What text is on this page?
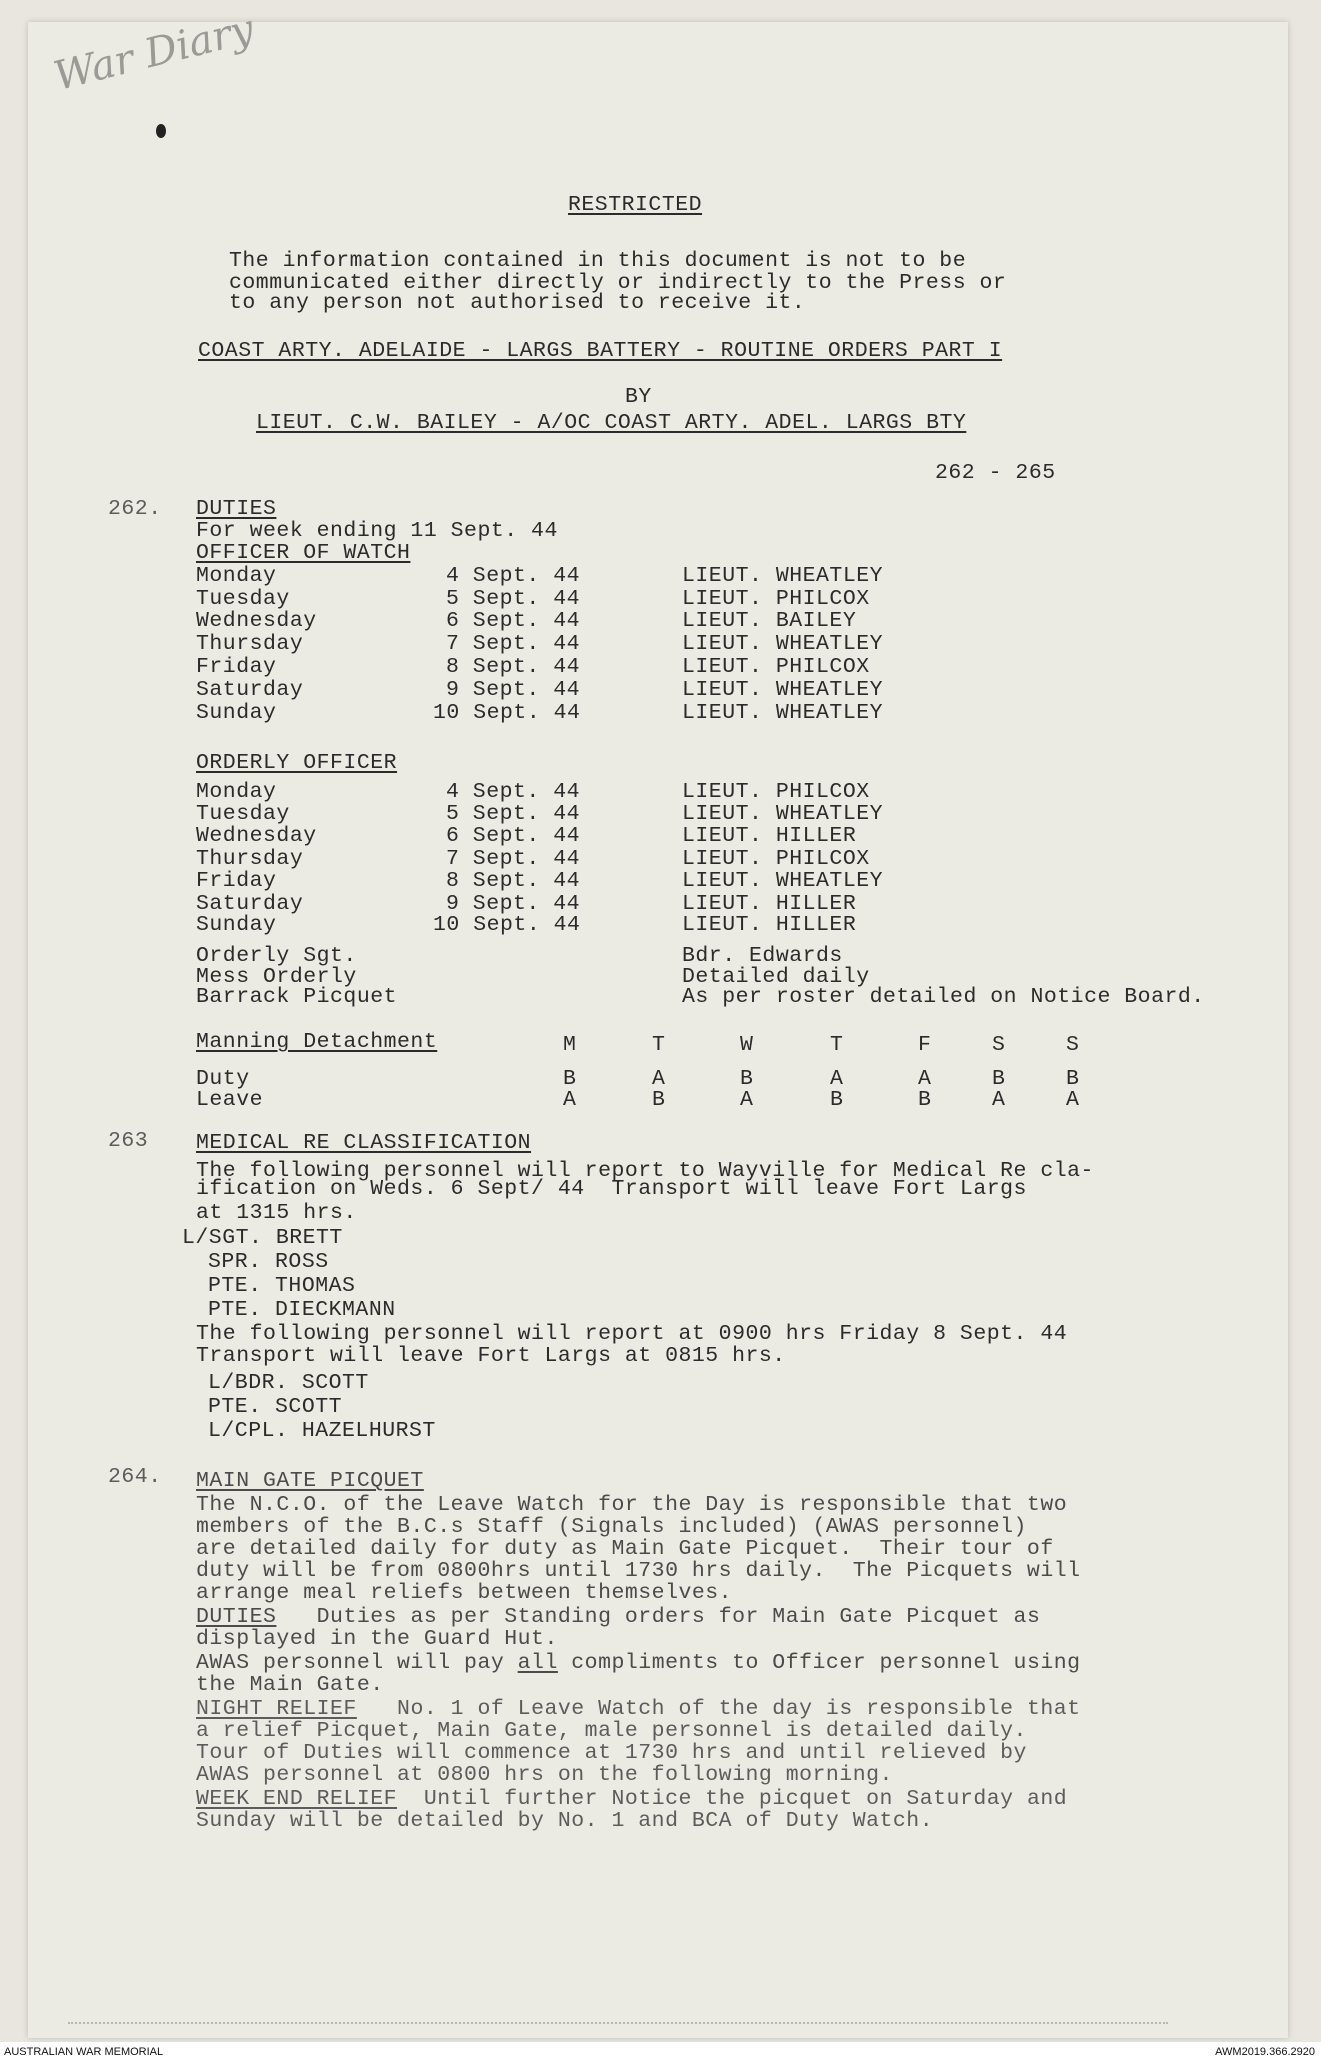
War Diary
RESTRICTED
The information contained in this document is not to be
communicated either directly or indirectly to the Press or
to any person not authorised to receive it.
COAST ARTY. ADELAIDE - LARGS BATTERY - ROUTINE ORDERS PART I
BY
LIEUT. C.W. BAILEY - A/OC COAST ARTY. ADEL. LARGS BTY
262 - 265
262. DUTIES
For week ending 11 Sept. 44
OFFICER OF WATCH
Monday	4 Sept. 44	LIEUT. WHEATLEY
Tuesday	5 Sept. 44	LIEUT. PHILCOX
Wednesday	6 Sept. 44	LIEUT. BAILEY
Thursday	7 Sept. 44	LIEUT. WHEATLEY
Friday	8 Sept. 44	LIEUT. PHILCOX
Saturday	9 Sept. 44	LIEUT. WHEATLEY
Sunday	10 Sept. 44	LIEUT. WHEATLEY
ORDERLY OFFICER
Monday	4 Sept. 44	LIEUT. PHILCOX
Tuesday	5 Sept. 44	LIEUT. WHEATLEY
Wednesday	6 Sept. 44	LIEUT. HILLER
Thursday	7 Sept. 44	LIEUT. PHILCOX
Friday	8 Sept. 44	LIEUT. WHEATLEY
Saturday	9 Sept. 44	LIEUT. HILLER
Sunday	10 Sept. 44	LIEUT. HILLER
Orderly Sgt.	Bdr. Edwards
Mess Orderly	Detailed daily
Barrack Picquet	As per roster detailed on Notice Board.
Manning Detachment	M	T	W	T	F	S	S
Duty	B	A	B	A	A	B	B
Leave	A	B	A	B	B	A	A
263 MEDICAL RE CLASSIFICATION
The following personnel will report to Wayville for Medical Re cla-
ification on Weds. 6 Sept/ 44  Transport will leave Fort Largs
at 1315 hrs.
L/SGT. BRETT
SPR. ROSS
PTE. THOMAS
PTE. DIECKMANN
The following personnel will report at 0900 hrs Friday 8 Sept. 44
Transport will leave Fort Largs at 0815 hrs.
L/BDR. SCOTT
PTE. SCOTT
L/CPL. HAZELHURST
264. MAIN GATE PICQUET
The N.C.O. of the Leave Watch for the Day is responsible that two
members of the B.C.s Staff (Signals included) (AWAS personnel)
are detailed daily for duty as Main Gate Picquet.  Their tour of
duty will be from 0800hrs until 1730 hrs daily.  The Picquets will
arrange meal reliefs between themselves.
DUTIES Duties as per Standing orders for Main Gate Picquet as
displayed in the Guard Hut.
AWAS personnel will pay all compliments to Officer personnel using
the Main Gate.
NIGHT RELIEF No. 1 of Leave Watch of the day is responsible that
a relief Picquet, Main Gate, male personnel is detailed daily.
Tour of Duties will commence at 1730 hrs and until relieved by
AWAS personnel at 0800 hrs on the following morning.
WEEK END RELIEF Until further Notice the picquet on Saturday and
Sunday will be detailed by No. 1 and BCA of Duty Watch.
AUSTRALIAN WAR MEMORIAL	AWM2019.366.2920
